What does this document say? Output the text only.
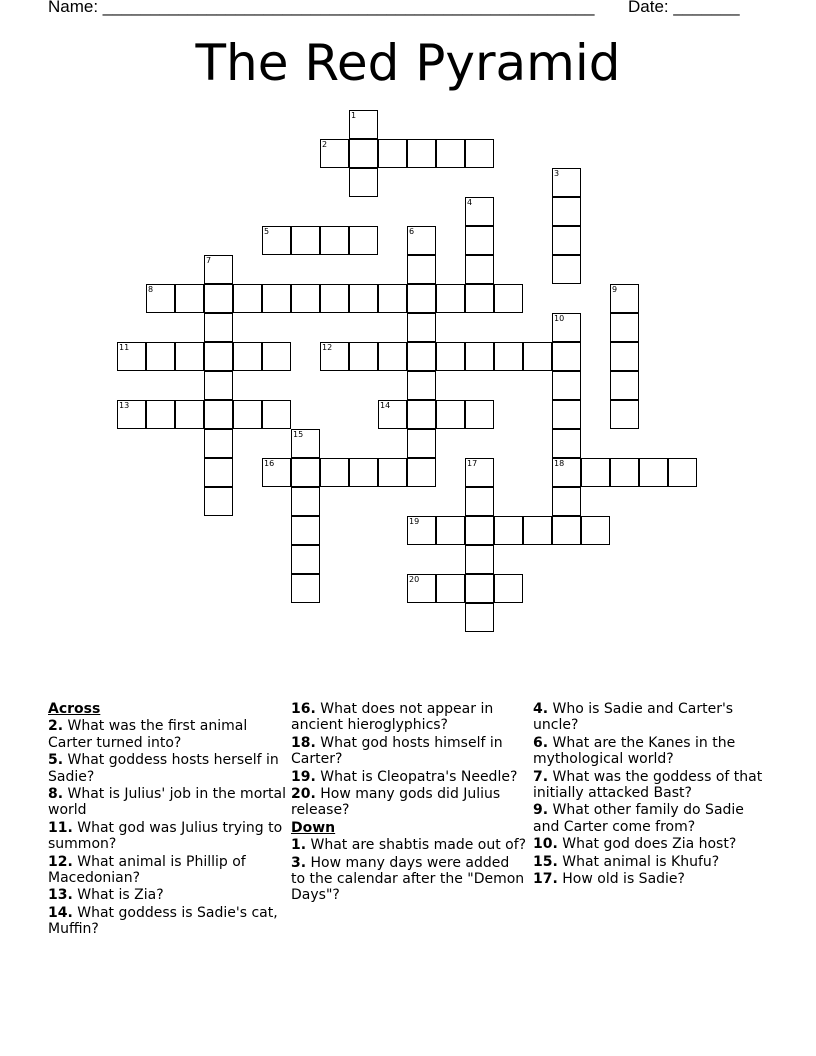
Name: ____________________________________________________ Date: _______
The Red Pyramid
1
2
3
4
5	6
7
8	9
10
18
11	12
13	14
15
16	17
19
20
Across
2. What was the first animal Carter turned into?
5. What goddess hosts herself in Sadie?
8. What is Julius' job in the mortal world
11. What god was Julius trying to summon?
12. What animal is Phillip of Macedonian?
13. What is Zia?
14. What goddess is Sadie's cat, Muffin?
16. What does not appear in ancient hieroglyphics?
18. What god hosts himself in Carter?
19. What is Cleopatra's Needle?
20. How many gods did Julius release?
Down
1. What are shabtis made out of?
3. How many days were added to the calendar after the "Demon Days"?
4. Who is Sadie and Carter's uncle?
6. What are the Kanes in the mythological world?
7. What was the goddess of that initially attacked Bast?
9. What other family do Sadie and Carter come from?
10. What god does Zia host?
15. What animal is Khufu?
17. How old is Sadie?
